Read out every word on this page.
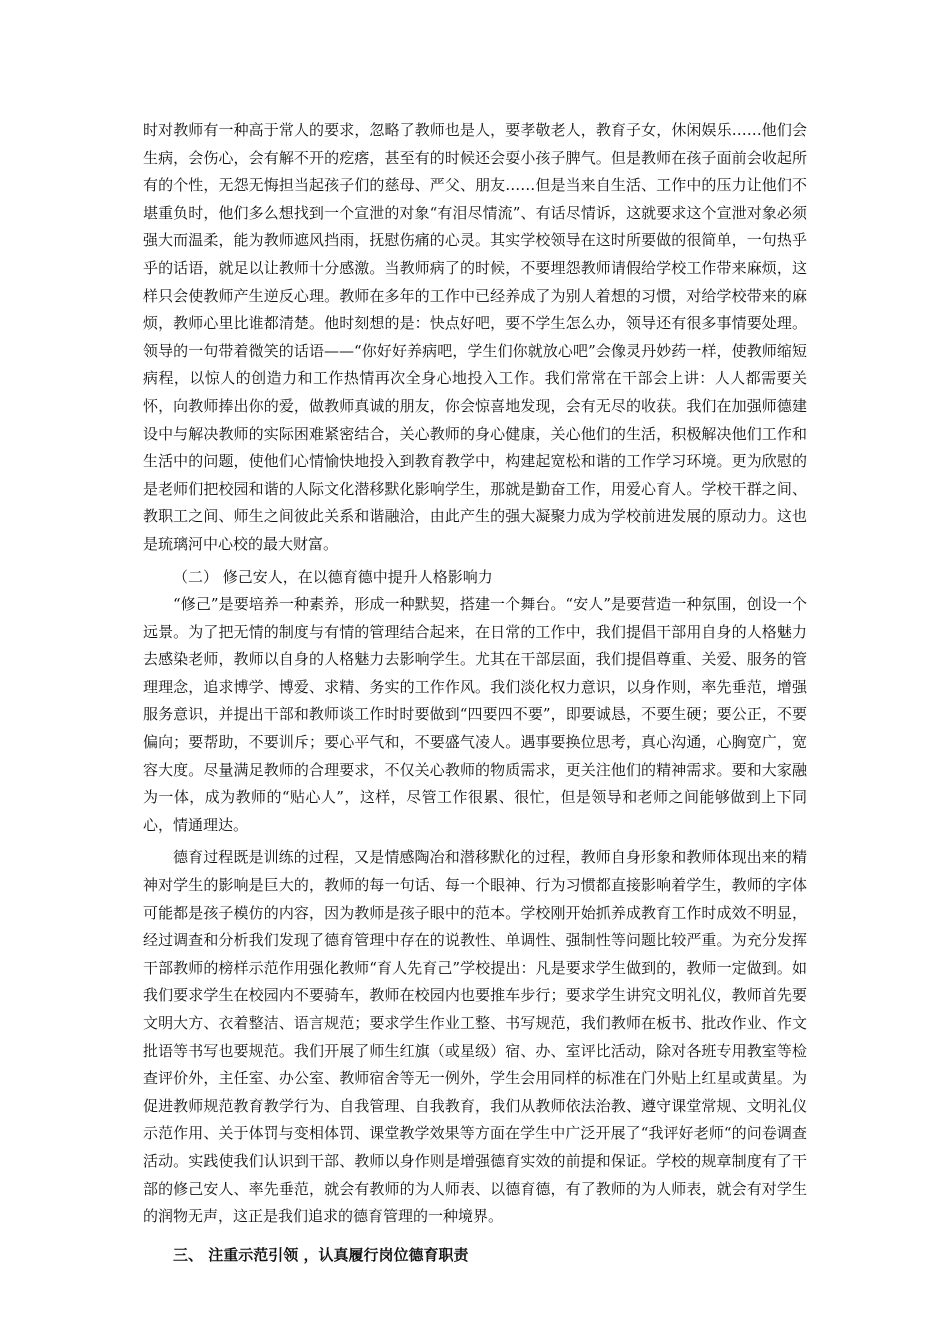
时对教师有一种高于常人的要求，忽略了教师也是人，要孝敬老人，教育子女，休闲娱乐……他们会生病，会伤心，会有解不开的疙瘩，甚至有的时候还会耍小孩子脾气。但是教师在孩子面前会收起所有的个性，无怨无悔担当起孩子们的慈母、严父、朋友……但是当来自生活、工作中的压力让他们不堪重负时，他们多么想找到一个宣泄的对象“有泪尽情流”、有话尽情诉，这就要求这个宣泄对象必须强大而温柔，能为教师遮风挡雨，抚慰伤痛的心灵。其实学校领导在这时所要做的很简单，一句热乎乎的话语，就足以让教师十分感激。当教师病了的时候，不要埋怨教师请假给学校工作带来麻烦，这样只会使教师产生逆反心理。教师在多年的工作中已经养成了为别人着想的习惯，对给学校带来的麻烦，教师心里比谁都清楚。他时刻想的是：快点好吧，要不学生怎么办，领导还有很多事情要处理。领导的一句带着微笑的话语——“你好好养病吧，学生们你就放心吧”会像灵丹妙药一样，使教师缩短病程，以惊人的创造力和工作热情再次全身心地投入工作。我们常常在干部会上讲：人人都需要关怀，向教师捧出你的爱，做教师真诚的朋友，你会惊喜地发现，会有无尽的收获。我们在加强师德建设中与解决教师的实际困难紧密结合，关心教师的身心健康，关心他们的生活，积极解决他们工作和生活中的问题，使他们心情愉快地投入到教育教学中，构建起宽松和谐的工作学习环境。更为欣慰的是老师们把校园和谐的人际文化潜移默化影响学生，那就是勤奋工作，用爱心育人。学校干群之间、教职工之间、师生之间彼此关系和谐融洽，由此产生的强大凝聚力成为学校前进发展的原动力。这也是琉璃河中心校的最大财富。

（二） 修己安人，在以德育德中提升人格影响力

“修己”是要培养一种素养，形成一种默契，搭建一个舞台。“安人”是要营造一种氛围，创设一个远景。为了把无情的制度与有情的管理结合起来，在日常的工作中，我们提倡干部用自身的人格魅力去感染老师，教师以自身的人格魅力去影响学生。尤其在干部层面，我们提倡尊重、关爱、服务的管理理念，追求博学、博爱、求精、务实的工作作风。我们淡化权力意识，以身作则，率先垂范，增强服务意识，并提出干部和教师谈工作时时要做到“四要四不要”，即要诚恳，不要生硬；要公正，不要偏向；要帮助，不要训斥；要心平气和，不要盛气凌人。遇事要换位思考，真心沟通，心胸宽广，宽容大度。尽量满足教师的合理要求，不仅关心教师的物质需求，更关注他们的精神需求。要和大家融为一体，成为教师的“贴心人”，这样，尽管工作很累、很忙，但是领导和老师之间能够做到上下同心，情通理达。

德育过程既是训练的过程，又是情感陶冶和潜移默化的过程，教师自身形象和教师体现出来的精神对学生的影响是巨大的，教师的每一句话、每一个眼神、行为习惯都直接影响着学生，教师的字体可能都是孩子模仿的内容，因为教师是孩子眼中的范本。学校刚开始抓养成教育工作时成效不明显，经过调查和分析我们发现了德育管理中存在的说教性、单调性、强制性等问题比较严重。为充分发挥干部教师的榜样示范作用强化教师“育人先育己”学校提出：凡是要求学生做到的，教师一定做到。如我们要求学生在校园内不要骑车，教师在校园内也要推车步行；要求学生讲究文明礼仪，教师首先要文明大方、衣着整洁、语言规范；要求学生作业工整、书写规范，我们教师在板书、批改作业、作文批语等书写也要规范。我们开展了师生红旗（或星级）宿、办、室评比活动，除对各班专用教室等检查评价外，主任室、办公室、教师宿舍等无一例外，学生会用同样的标准在门外贴上红星或黄星。为促进教师规范教育教学行为、自我管理、自我教育，我们从教师依法治教、遵守课堂常规、文明礼仪示范作用、关于体罚与变相体罚、课堂教学效果等方面在学生中广泛开展了“我评好老师“的问卷调查活动。实践使我们认识到干部、教师以身作则是增强德育实效的前提和保证。学校的规章制度有了干部的修己安人、率先垂范，就会有教师的为人师表、以德育德，有了教师的为人师表，就会有对学生的润物无声，这正是我们追求的德育管理的一种境界。

三、 注重示范引领 ，认真履行岗位德育职责
